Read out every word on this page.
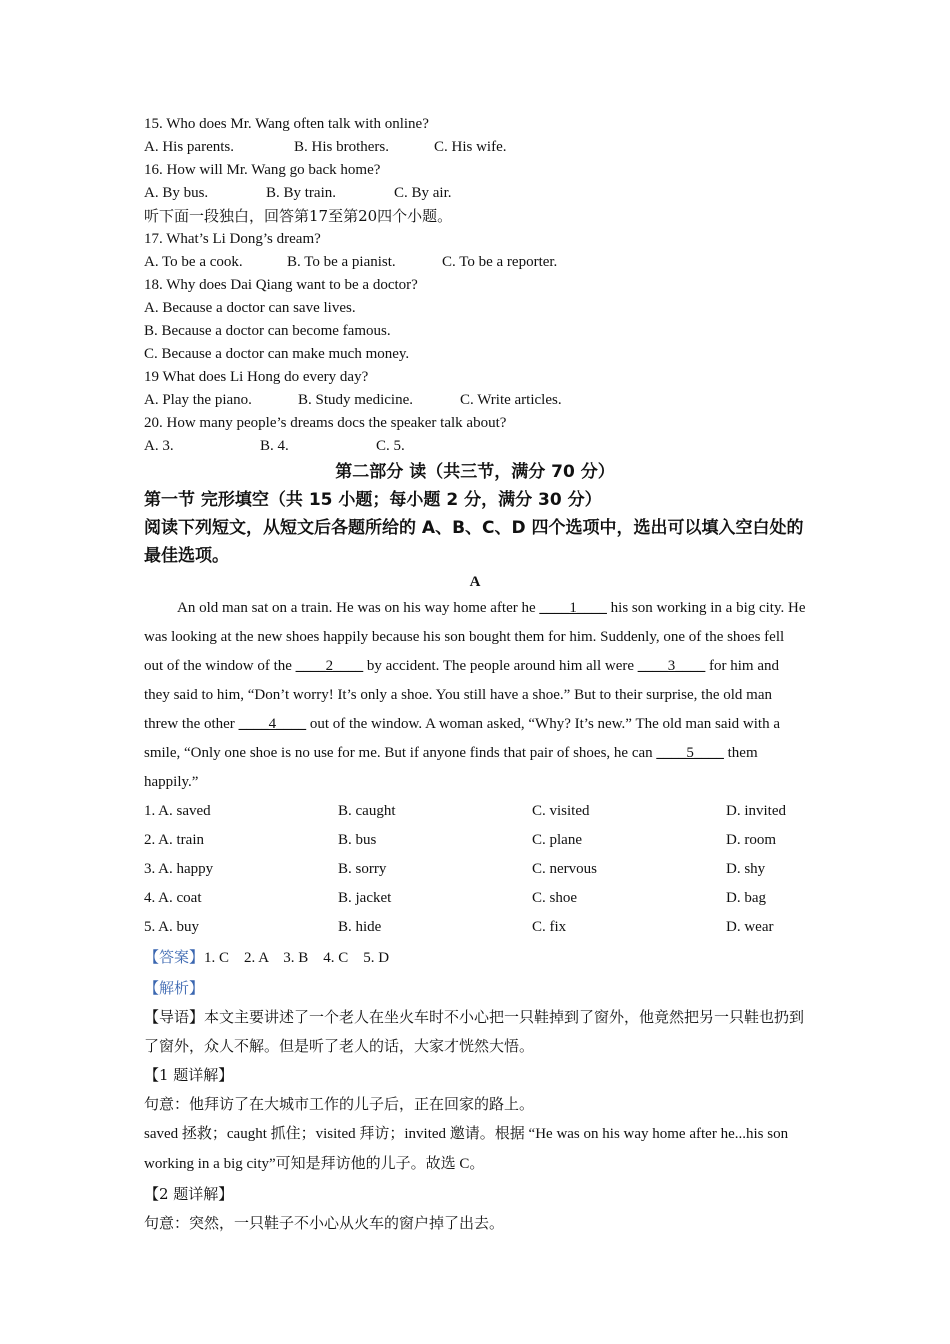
15. Who does Mr. Wang often talk with online?
A. His parents.	B. His brothers.	C. His wife.
16. How will Mr. Wang go back home?
A. By bus.	B. By train.	C. By air.
听下面一段独白，回答第17至第20四个小题。
17. What’s Li Dong’s dream?
A. To be a cook.	B. To be a pianist.	C. To be a reporter.
18. Why does Dai Qiang want to be a doctor?
A. Because a doctor can save lives.
B. Because a doctor can become famous.
C. Because a doctor can make much money.
19 What does Li Hong do every day?
A. Play the piano.	B. Study medicine.	C. Write articles.
20. How many people’s dreams docs the speaker talk about?
A. 3.	B. 4.	C. 5.
第二部分 读（共三节，满分 70 分）
第一节 完形填空（共 15 小题；每小题 2 分，满分 30 分）
阅读下列短文，从短文后各题所给的 A、B、C、D 四个选项中，选出可以填入空白处的最佳选项。
A
An old man sat on a train. He was on his way home after he ____1____ his son working in a big city. He was looking at the new shoes happily because his son bought them for him. Suddenly, one of the shoes fell out of the window of the ____2____ by accident. The people around him all were ____3____ for him and they said to him, “Don’t worry! It’s only a shoe. You still have a shoe.” But to their surprise, the old man threw the other ____4____ out of the window. A woman asked, “Why? It’s new.” The old man said with a smile, “Only one shoe is no use for me. But if anyone finds that pair of shoes, he can ____5____ them happily.”
1. A. saved	B. caught	C. visited	D. invited
2. A. train	B. bus	C. plane	D. room
3. A. happy	B. sorry	C. nervous	D. shy
4. A. coat	B. jacket	C. shoe	D. bag
5. A. buy	B. hide	C. fix	D. wear
【答案】1. C    2. A    3. B    4. C    5. D
【解析】
【导语】本文主要讲述了一个老人在坐火车时不小心把一只鞋掉到了窗外，他竟然把另一只鞋也扔到了窗外，众人不解。但是听了老人的话，大家才恍然大悟。
【1 题详解】
句意：他拜访了在大城市工作的儿子后，正在回家的路上。
saved 拯救；caught 抓住；visited 拜访；invited 邀请。根据 “He was on his way home after he...his son working in a big city”可知是拜访他的儿子。故选 C。
【2 题详解】
句意：突然，一只鞋子不小心从火车的窗户掉了出去。
